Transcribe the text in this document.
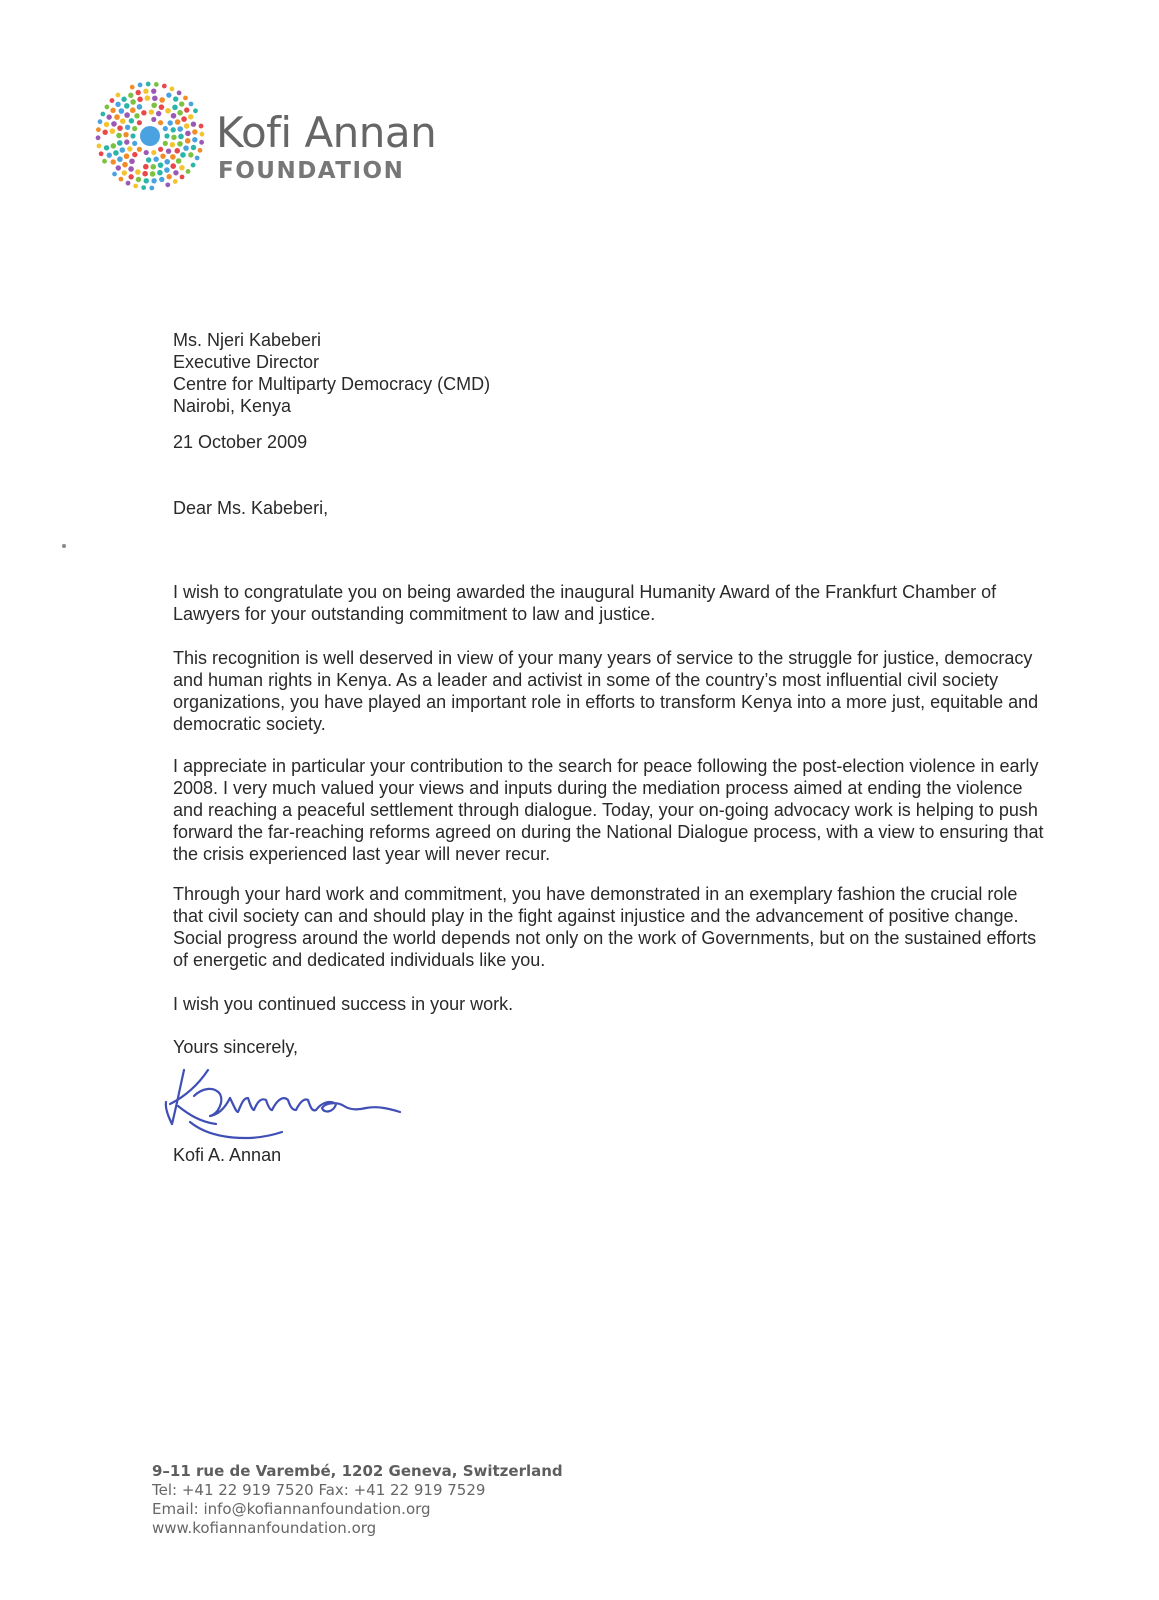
Kofi Annan
FOUNDATION
Ms. Njeri Kabeberi
Executive Director
Centre for Multiparty Democracy (CMD)
Nairobi, Kenya
21 October 2009
Dear Ms. Kabeberi,
I wish to congratulate you on being awarded the inaugural Humanity Award of the Frankfurt Chamber of Lawyers for your outstanding commitment to law and justice.
This recognition is well deserved in view of your many years of service to the struggle for justice, democracy and human rights in Kenya. As a leader and activist in some of the country’s most influential civil society organizations, you have played an important role in efforts to transform Kenya into a more just, equitable and democratic society.
I appreciate in particular your contribution to the search for peace following the post-election violence in early 2008. I very much valued your views and inputs during the mediation process aimed at ending the violence and reaching a peaceful settlement through dialogue. Today, your on-going advocacy work is helping to push forward the far-reaching reforms agreed on during the National Dialogue process, with a view to ensuring that the crisis experienced last year will never recur.
Through your hard work and commitment, you have demonstrated in an exemplary fashion the crucial role that civil society can and should play in the fight against injustice and the advancement of positive change. Social progress around the world depends not only on the work of Governments, but on the sustained efforts of energetic and dedicated individuals like you.
I wish you continued success in your work.
Yours sincerely,
Kofi A. Annan
9–11 rue de Varembé, 1202 Geneva, Switzerland
Tel: +41 22 919 7520 Fax: +41 22 919 7529
Email: info@kofiannanfoundation.org
www.kofiannanfoundation.org
